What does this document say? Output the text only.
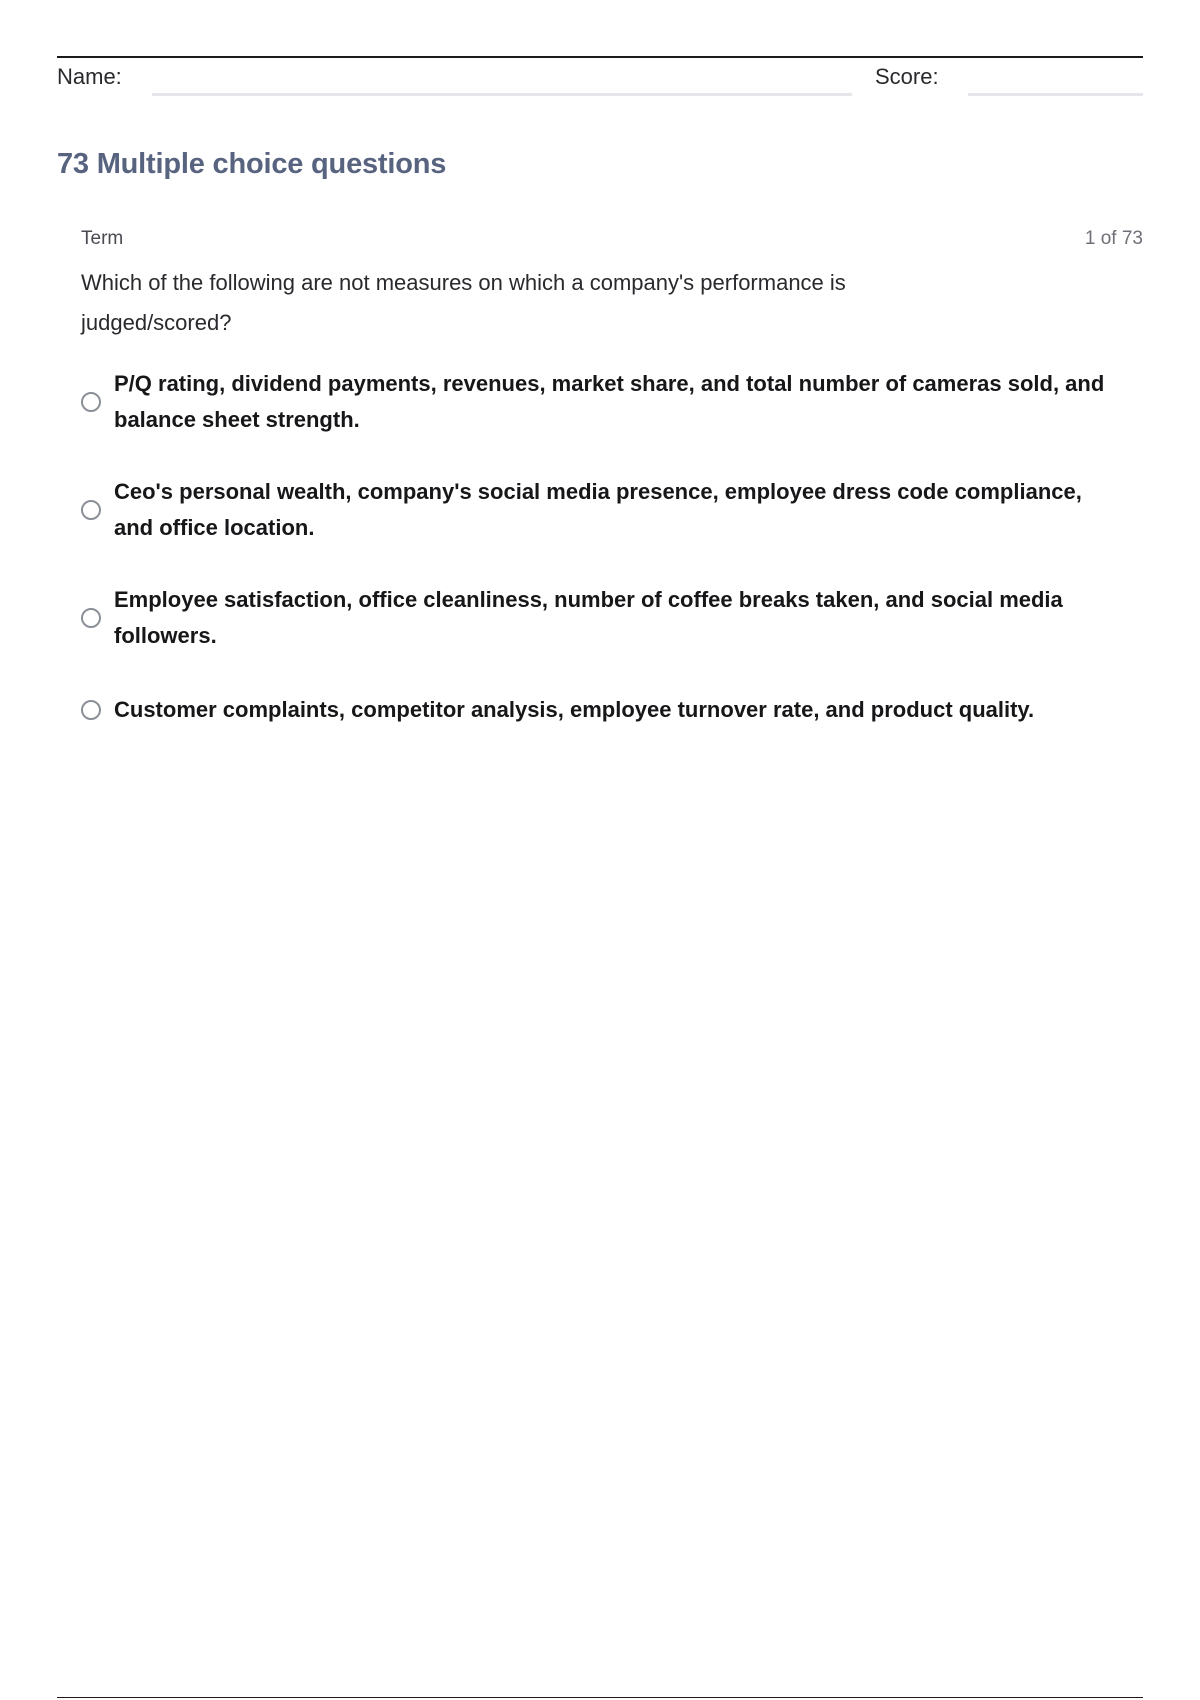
Name:	Score:
73 Multiple choice questions
Term	1 of 73
Which of the following are not measures on which a company's performance is judged/scored?
P/Q rating, dividend payments, revenues, market share, and total number of cameras sold, and balance sheet strength.
Ceo's personal wealth, company's social media presence, employee dress code compliance, and office location.
Employee satisfaction, office cleanliness, number of coffee breaks taken, and social media followers.
Customer complaints, competitor analysis, employee turnover rate, and product quality.
